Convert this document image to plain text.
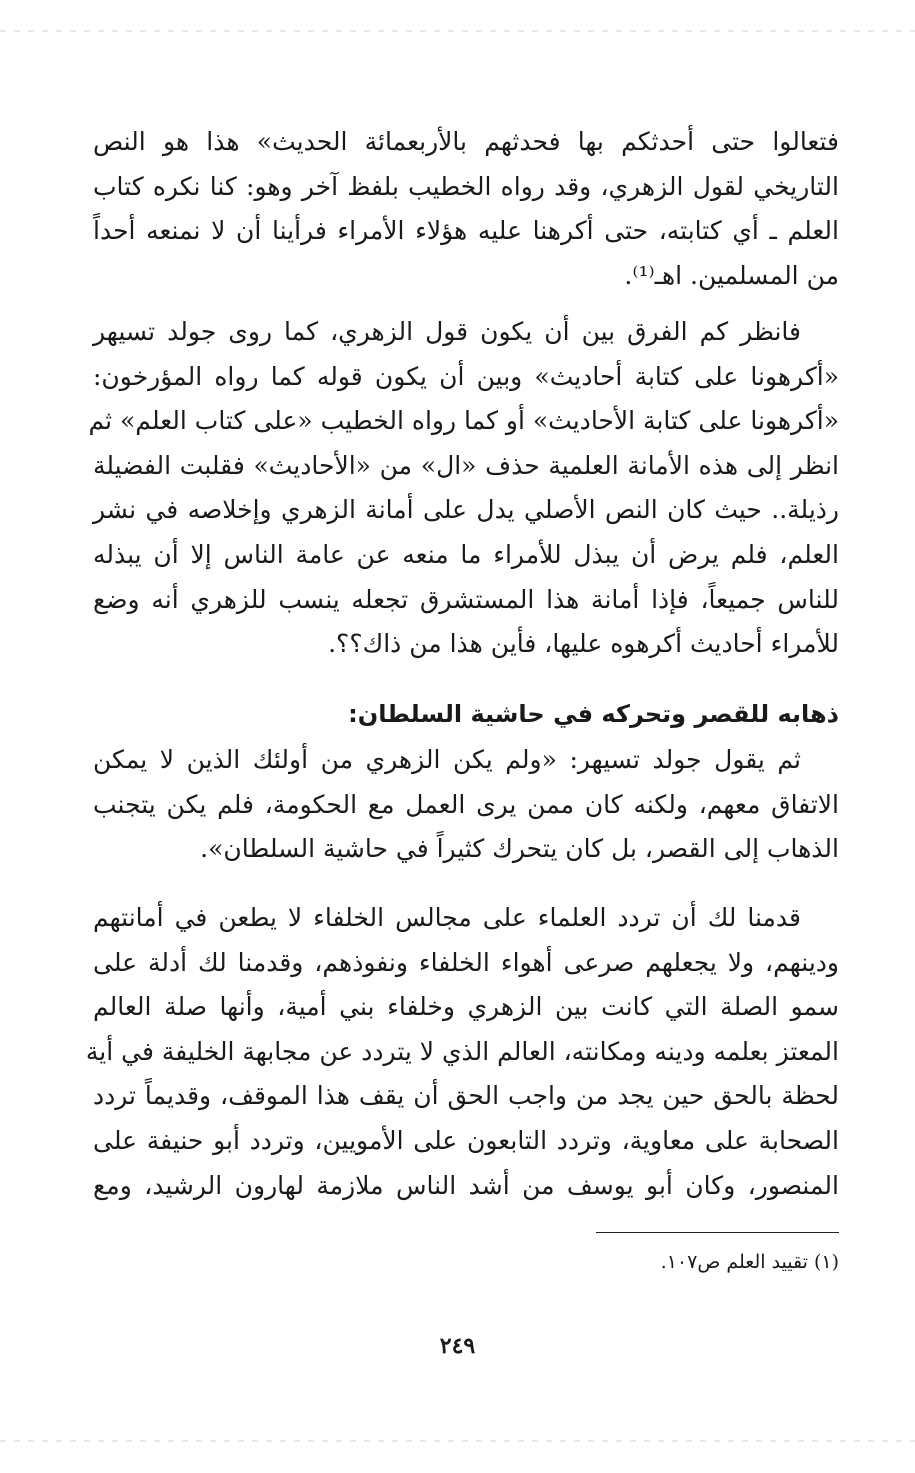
فتعالوا حتى أحدثكم بها فحدثهم بالأربعمائة الحديث» هذا هو النص
التاريخي لقول الزهري، وقد رواه الخطيب بلفظ آخر وهو: كنا نكره كتاب
العلم ـ أي كتابته، حتى أكرهنا عليه هؤلاء الأمراء فرأينا أن لا نمنعه أحداً
من المسلمين. اهـ⁽¹⁾.
فانظر كم الفرق بين أن يكون قول الزهري، كما روى جولد تسيهر
«أكرهونا على كتابة أحاديث» وبين أن يكون قوله كما رواه المؤرخون:
«أكرهونا على كتابة الأحاديث» أو كما رواه الخطيب «على كتاب العلم» ثم
انظر إلى هذه الأمانة العلمية حذف «ال» من «الأحاديث» فقلبت الفضيلة
رذيلة.. حيث كان النص الأصلي يدل على أمانة الزهري وإخلاصه في نشر
العلم، فلم يرض أن يبذل للأمراء ما منعه عن عامة الناس إلا أن يبذله
للناس جميعاً، فإذا أمانة هذا المستشرق تجعله ينسب للزهري أنه وضع
للأمراء أحاديث أكرهوه عليها، فأين هذا من ذاك؟؟.
ذهابه للقصر وتحركه في حاشية السلطان:
ثم يقول جولد تسيهر: «ولم يكن الزهري من أولئك الذين لا يمكن
الاتفاق معهم، ولكنه كان ممن يرى العمل مع الحكومة، فلم يكن يتجنب
الذهاب إلى القصر، بل كان يتحرك كثيراً في حاشية السلطان».
قدمنا لك أن تردد العلماء على مجالس الخلفاء لا يطعن في أمانتهم
ودينهم، ولا يجعلهم صرعى أهواء الخلفاء ونفوذهم، وقدمنا لك أدلة على
سمو الصلة التي كانت بين الزهري وخلفاء بني أمية، وأنها صلة العالم
المعتز بعلمه ودينه ومكانته، العالم الذي لا يتردد عن مجابهة الخليفة في أية
لحظة بالحق حين يجد من واجب الحق أن يقف هذا الموقف، وقديماً تردد
الصحابة على معاوية، وتردد التابعون على الأمويين، وتردد أبو حنيفة على
المنصور، وكان أبو يوسف من أشد الناس ملازمة لهارون الرشيد، ومع
(١) تقييد العلم ص١٠٧.
٢٤٩
